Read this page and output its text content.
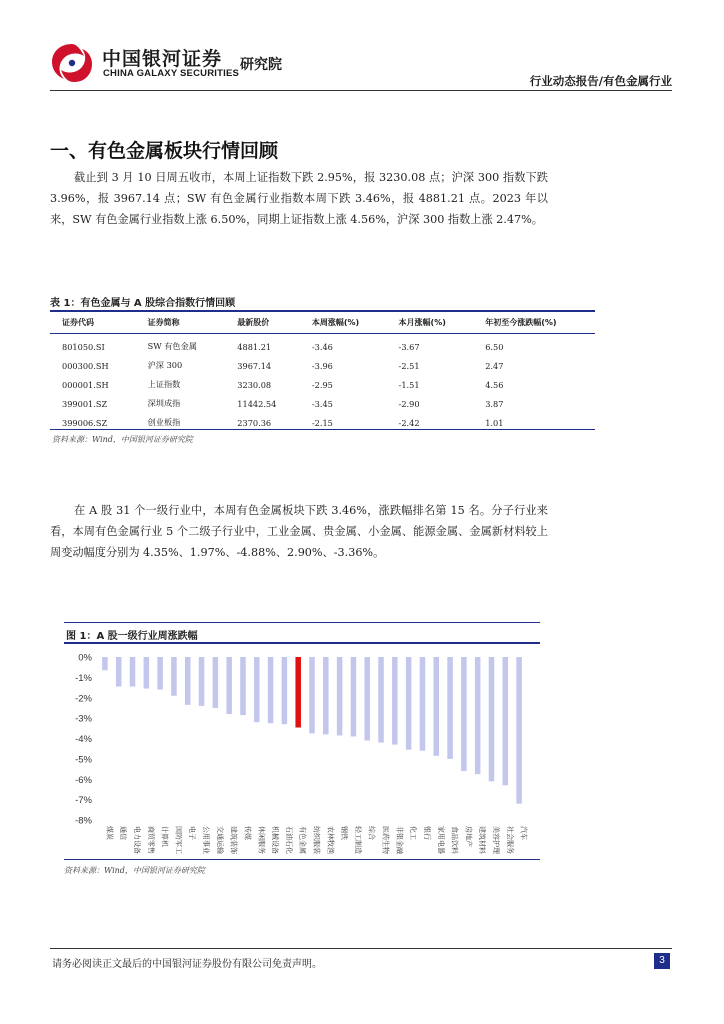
中国银河证券
CHINA GALAXY SECURITIES
研究院
行业动态报告/有色金属行业
一、有色金属板块行情回顾
截止到 3 月 10 日周五收市，本周上证指数下跌 2.95%，报 3230.08 点；沪深 300 指数下跌 3.96%，报 3967.14 点；SW 有色金属行业指数本周下跌 3.46%，报 4881.21 点。2023 年以来，SW 有色金属行业指数上涨 6.50%，同期上证指数上涨 4.56%，沪深 300 指数上涨 2.47%。
表 1：有色金属与 A 股综合指数行情回顾
证券代码	证券简称	最新股价	本周涨幅(%)	本月涨幅(%)	年初至今涨跌幅(%)
801050.SI	SW 有色金属	4881.21	-3.46	-3.67	6.50
000300.SH	沪深 300	3967.14	-3.96	-2.51	2.47
000001.SH	上证指数	3230.08	-2.95	-1.51	4.56
399001.SZ	深圳成指	11442.54	-3.45	-2.90	3.87
399006.SZ	创业板指	2370.36	-2.15	-2.42	1.01
资料来源：Wind，中国银河证券研究院
在 A 股 31 个一级行业中，本周有色金属板块下跌 3.46%，涨跌幅排名第 15 名。分子行业来看，本周有色金属行业 5 个二级子行业中，工业金属、贵金属、小金属、能源金属、金属新材料较上周变动幅度分别为 4.35%、1.97%、-4.88%、2.90%、-3.36%。
图 1：A 股一级行业周涨跌幅
0%
-1%
-2%
-3%
-4%
-5%
-6%
-7%
-8%
煤炭 通信 电力设备 商贸零售 计算机 国防军工 电子 公用事业 交通运输 建筑装饰 传媒 休闲服务 机械设备 石油石化 有色金属 纺织服装 农林牧渔 钢铁 轻工制造 综合 医药生物 非银金融 化工 银行 家用电器 食品饮料 房地产 建筑材料 美容护理 社会服务 汽车
资料来源：Wind，中国银河证券研究院
请务必阅读正文最后的中国银河证券股份有限公司免责声明。	3
